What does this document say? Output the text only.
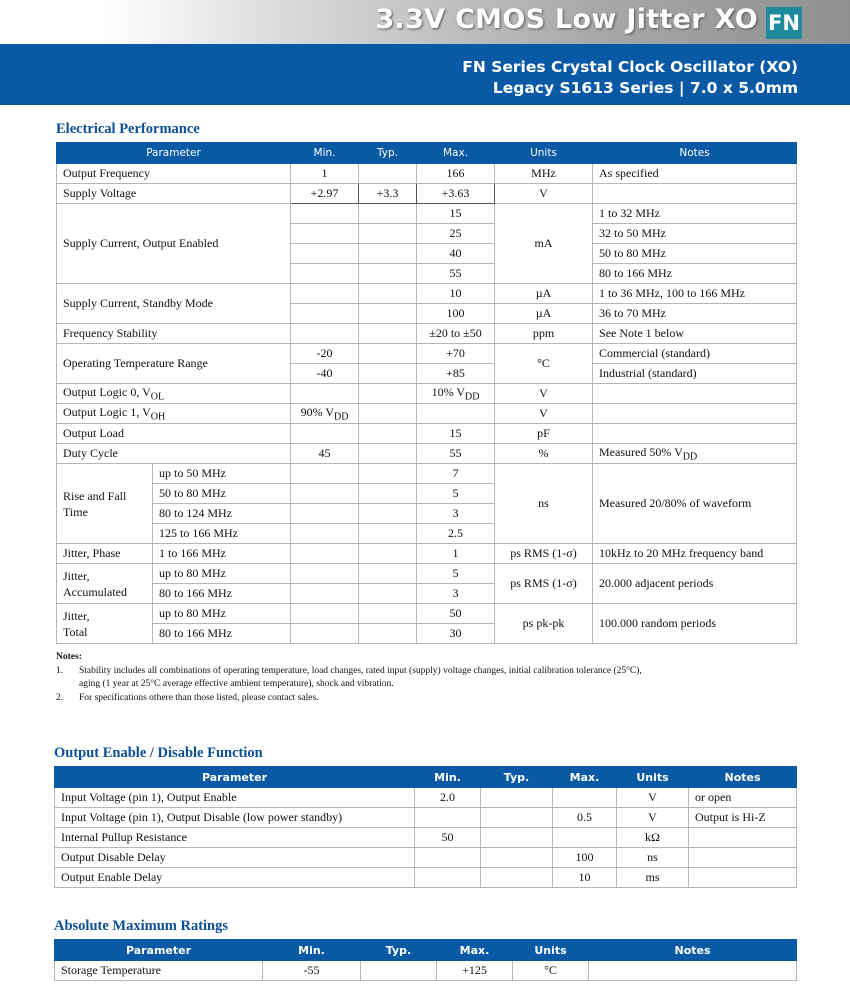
3.3V CMOS Low Jitter XO FN
FN Series Crystal Clock Oscillator (XO)
Legacy S1613 Series | 7.0 x 5.0mm
Electrical Performance
Parameter		Min.	Typ.	Max.	Units	Notes
Output Frequency		1		166	MHz	As specified
Supply Voltage		+2.97	+3.3	+3.63	V	
Supply Current, Output Enabled				15	mA	1 to 32 MHz
				25		32 to 50 MHz
				40		50 to 80 MHz
				55		80 to 166 MHz
Supply Current, Standby Mode				10	µA	1 to 36 MHz, 100 to 166 MHz
				100	µA	36 to 70 MHz
Frequency Stability				±20 to ±50	ppm	See Note 1 below
Operating Temperature Range		-20		+70	°C	Commercial (standard)
		-40		+85		Industrial (standard)
Output Logic 0, $V_{OL}$				10% $V_{DD}$	V	
Output Logic 1, $V_{OH}$		90% $V_{DD}$			V	
Output Load				15	pF	
Duty Cycle		45		55	%	Measured 50% $V_{DD}$
Rise and Fall
Time	up to 50 MHz			7	ns	Measured 20/80% of waveform
	50 to 80 MHz			5		
	80 to 124 MHz			3		
	125 to 166 MHz			2.5		
Jitter, Phase	1 to 166 MHz			1	ps RMS (1-σ)	10kHz to 20 MHz frequency band
Jitter,
Accumulated	up to 80 MHz			5	ps RMS (1-σ)	20.000 adjacent periods
	80 to 166 MHz			3		
Jitter,
Total	up to 80 MHz			50	ps pk-pk	100.000 random periods
	80 to 166 MHz			30		
Notes:
1.	Stability includes all combinations of operating temperature, load changes, rated input (supply) voltage changes, initial calibration tolerance (25°C),
aging (1 year at 25°C average effective ambient temperature), shock and vibration.
2.	For specifications othere than those listed, please contact sales.
Output Enable / Disable Function
Parameter	Min.	Typ.	Max.	Units	Notes
Input Voltage (pin 1), Output Enable	2.0			V	or open
Input Voltage (pin 1), Output Disable (low power standby)			0.5	V	Output is Hi-Z
Internal Pullup Resistance	50			kΩ	
Output Disable Delay			100	ns	
Output Enable Delay			10	ms	
Absolute Maximum Ratings
Parameter	Min.	Typ.	Max.	Units	Notes
Storage Temperature	-55		+125	°C	
